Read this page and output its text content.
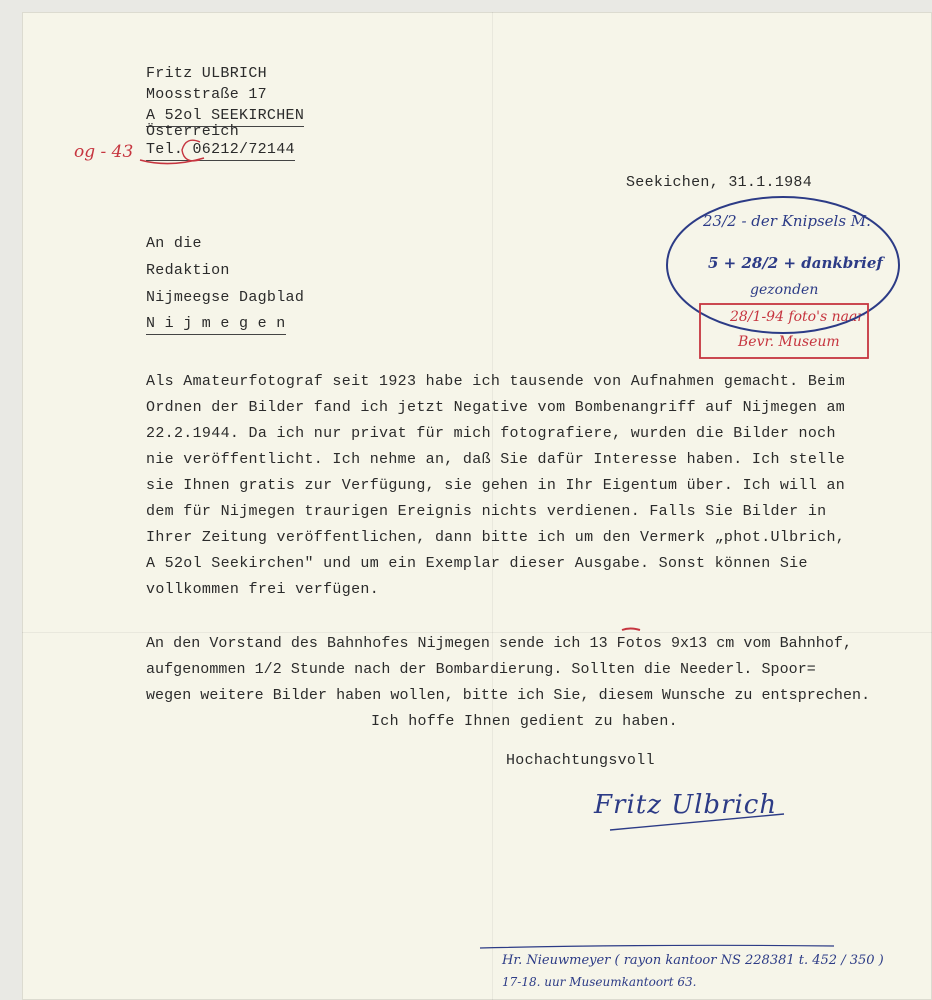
Fritz ULBRICH
Moosstraße 17
A 52ol SEEKIRCHEN
Österreich
Tel. 06212/72144
og - 43
Seekichen, 31.1.1984
An die
Redaktion
Nijmeegse Dagblad
N i j m e g e n
23/2 - der Knipsels M.
5 + 28/2 + dankbrief
gezonden
28/1-94 foto's naar
Bevr. Museum
Als Amateurfotograf seit 1923 habe ich tausende von Aufnahmen gemacht. Beim
Ordnen der Bilder fand ich jetzt Negative vom Bombenangriff auf Nijmegen am
22.2.1944. Da ich nur privat für mich fotografiere, wurden die Bilder noch
nie veröffentlicht. Ich nehme an, daß Sie dafür Interesse haben. Ich stelle
sie Ihnen gratis zur Verfügung, sie gehen in Ihr Eigentum über. Ich will an
dem für Nijmegen traurigen Ereignis nichts verdienen. Falls Sie Bilder in
Ihrer Zeitung veröffentlichen, dann bitte ich um den Vermerk „phot.Ulbrich,
A 52ol Seekirchen" und um ein Exemplar dieser Ausgabe. Sonst können Sie
vollkommen frei verfügen.
An den Vorstand des Bahnhofes Nijmegen sende ich 13 Fotos 9x13 cm vom Bahnhof,
aufgenommen 1/2 Stunde nach der Bombardierung. Sollten die Neederl. Spoor=
wegen weitere Bilder haben wollen, bitte ich Sie, diesem Wunsche zu entsprechen.
Ich hoffe Ihnen gedient zu haben.
Hochachtungsvoll
Fritz Ulbrich
Hr. Nieuwmeyer ( rayon kantoor NS 228381 t. 452 / 350 )
17-18. uur Museumkantoort 63.
